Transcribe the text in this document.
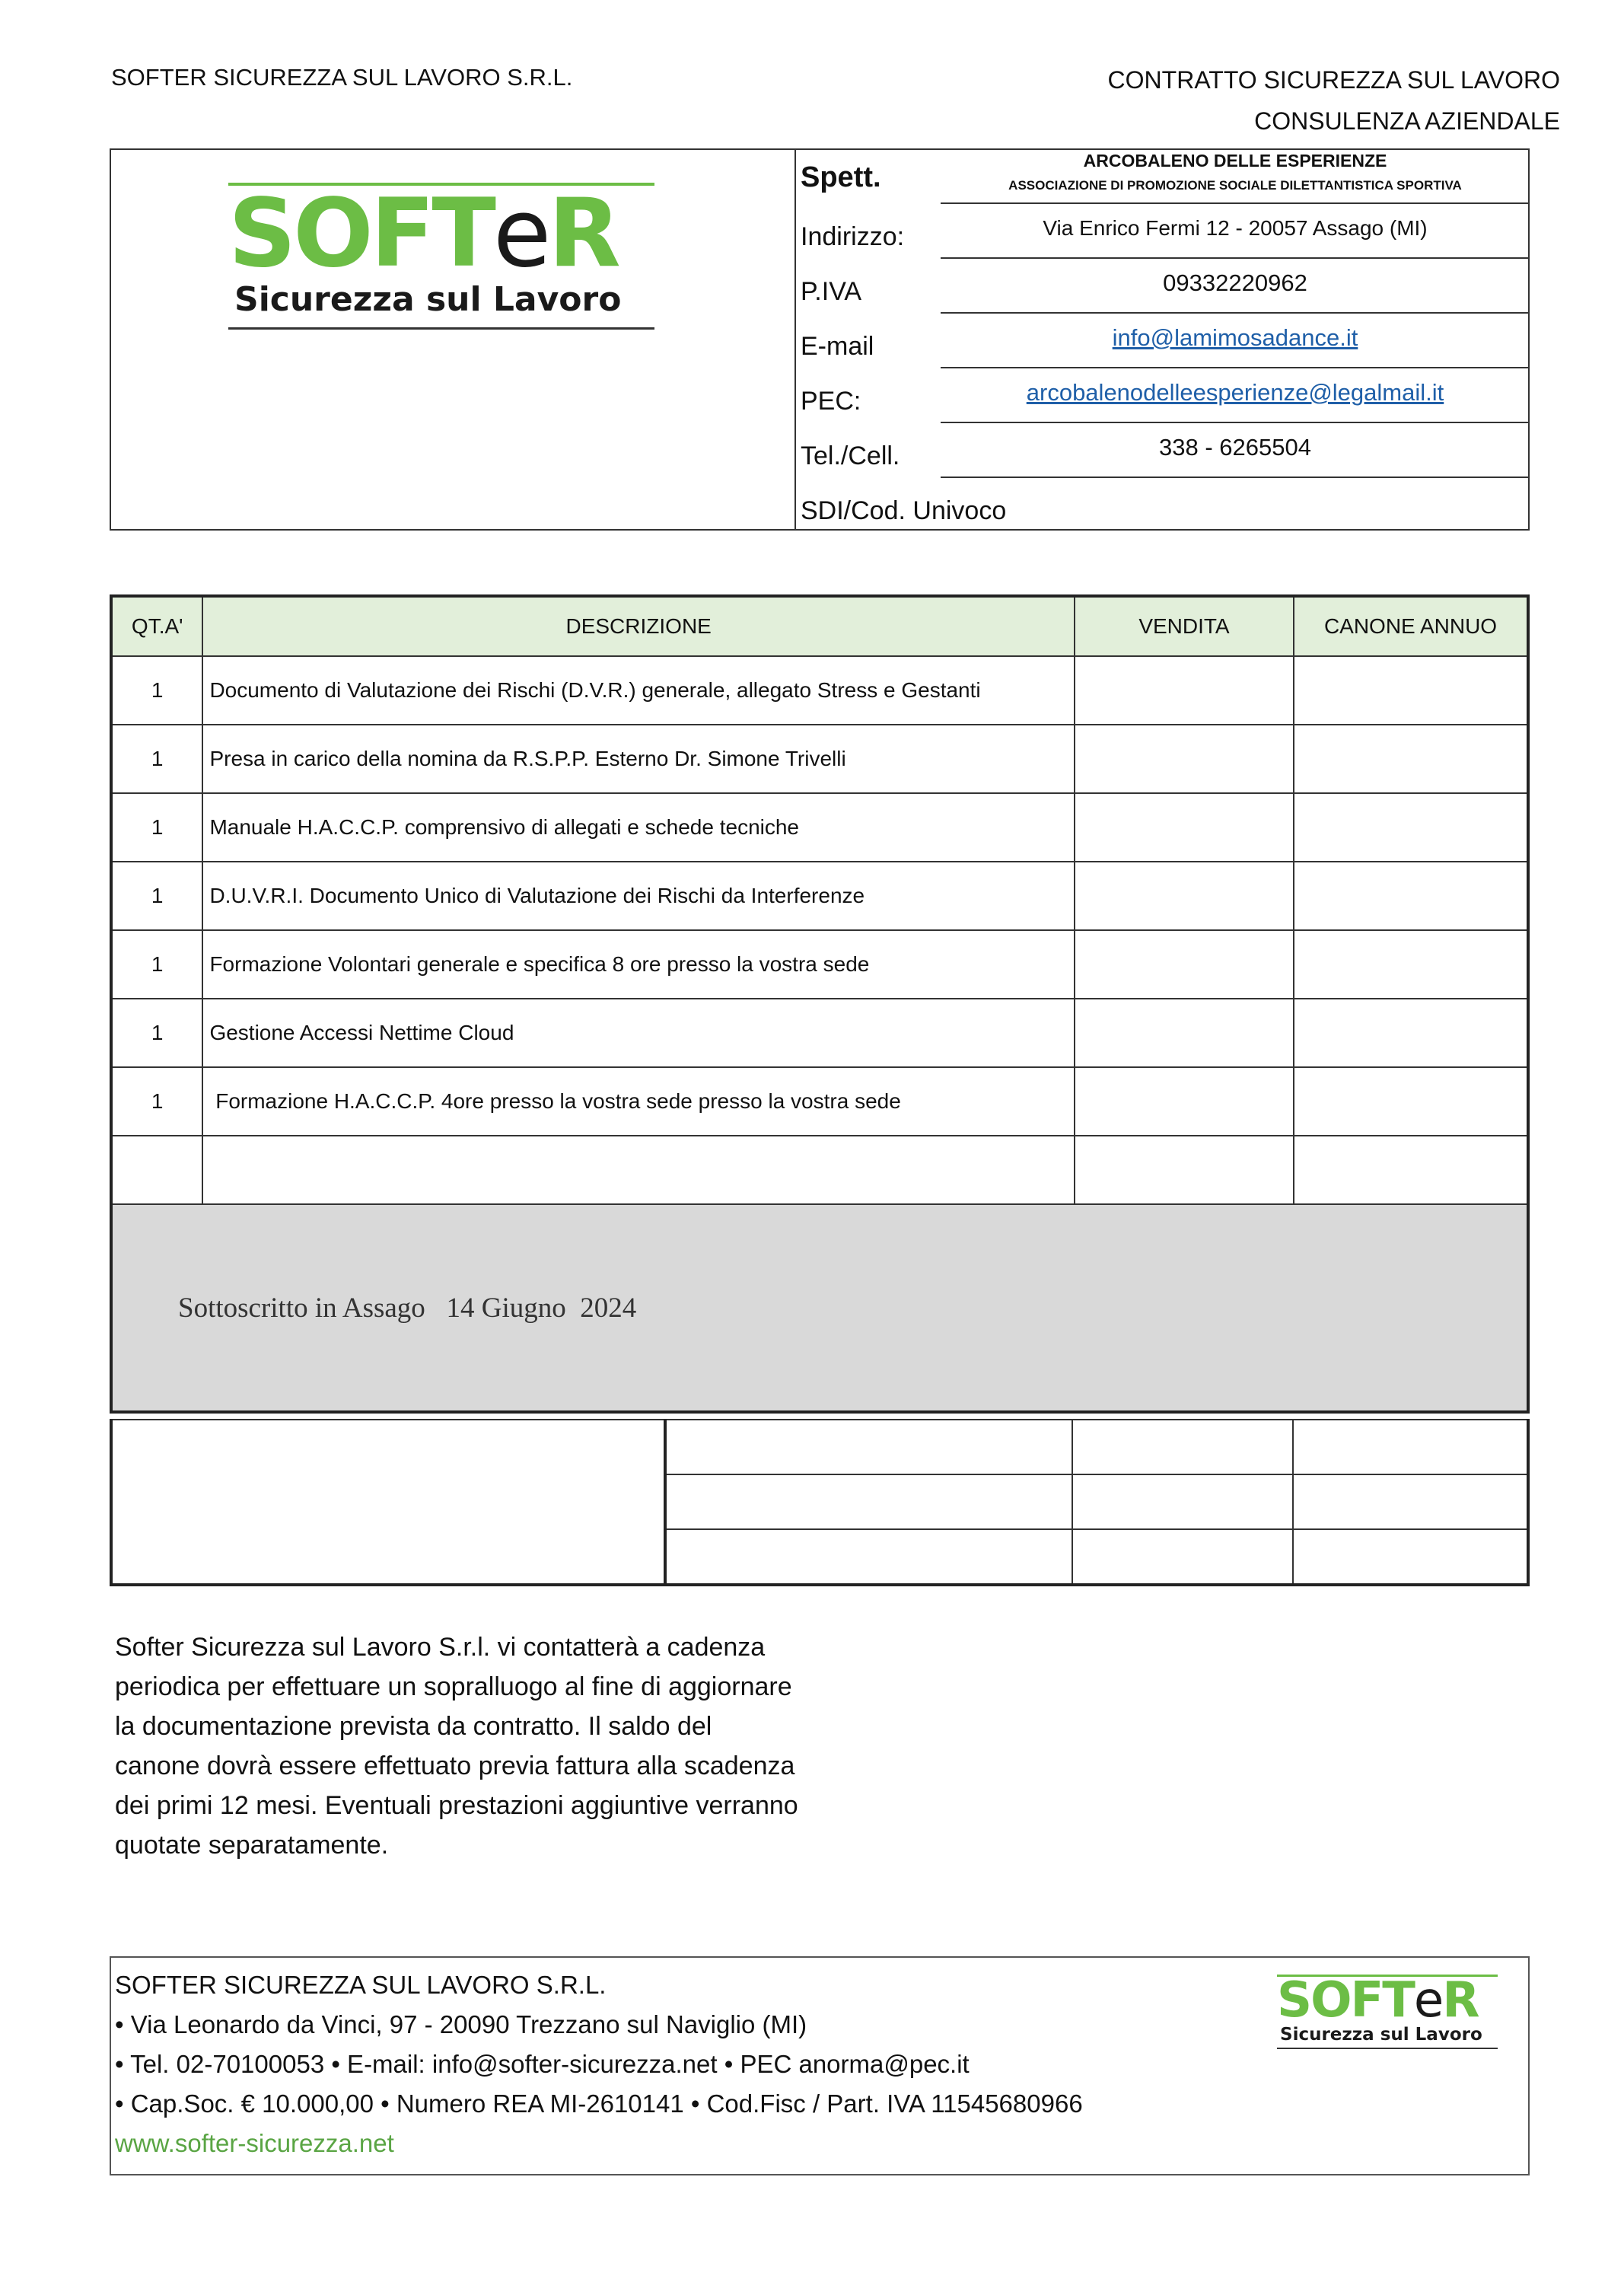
SOFTER SICUREZZA SUL LAVORO S.R.L.	CONTRATTO SICUREZZA SUL LAVORO
CONSULENZA AZIENDALE
SOFTeR
Sicurezza sul Lavoro
Spett.
ARCOBALENO DELLE ESPERIENZE
ASSOCIAZIONE DI PROMOZIONE SOCIALE DILETTANTISTICA SPORTIVA
Indirizzo:	Via Enrico Fermi 12 - 20057 Assago (MI)
P.IVA	09332220962
E-mail	info@lamimosadance.it
PEC:	arcobalenodelleesperienze@legalmail.it
Tel./Cell.	338 - 6265504
SDI/Cod. Univoco
QT.A'	DESCRIZIONE	VENDITA	CANONE ANNUO
1	Documento di Valutazione dei Rischi (D.V.R.) generale, allegato Stress e Gestanti		
1	Presa in carico della nomina da R.S.P.P. Esterno Dr. Simone Trivelli		
1	Manuale H.A.C.C.P. comprensivo di allegati e schede tecniche		
1	D.U.V.R.I. Documento Unico di Valutazione dei Rischi da Interferenze		
1	Formazione Volontari generale e specifica 8 ore presso la vostra sede		
1	Gestione Accessi Nettime Cloud		
1	Formazione H.A.C.C.P. 4ore presso la vostra sede presso la vostra sede		

Sottoscritto in Assago   14 Giugno  2024			

Softer Sicurezza sul Lavoro S.r.l. vi contatterà a cadenza periodica per effettuare un sopralluogo al fine di aggiornare la documentazione prevista da contratto. Il saldo del canone dovrà essere effettuato previa fattura alla scadenza dei primi 12 mesi. Eventuali prestazioni aggiuntive verranno quotate separatamente.
SOFTER SICUREZZA SUL LAVORO S.R.L.
• Via Leonardo da Vinci, 97 - 20090 Trezzano sul Naviglio (MI)
• Tel. 02-70100053 • E-mail: info@softer-sicurezza.net • PEC anorma@pec.it
• Cap.Soc. € 10.000,00 • Numero REA MI-2610141 • Cod.Fisc / Part. IVA 11545680966
www.softer-sicurezza.net
SOFTeR
Sicurezza sul Lavoro
